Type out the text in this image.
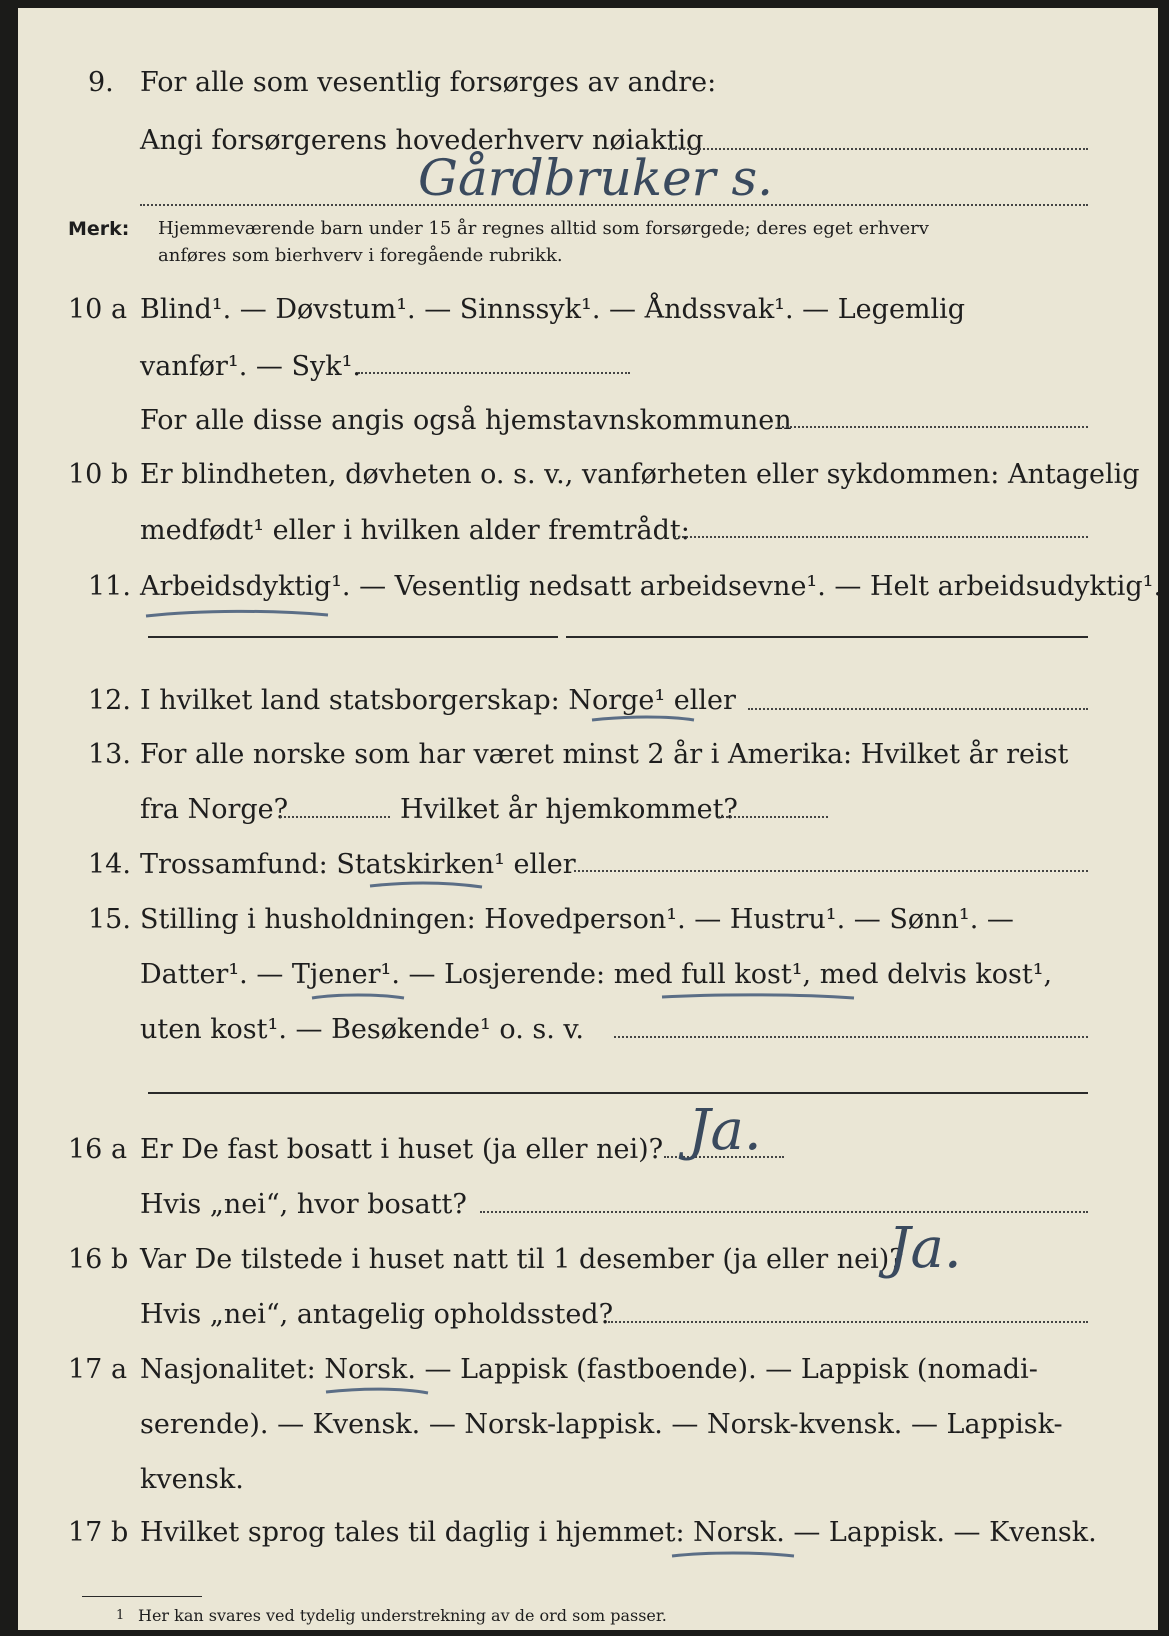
9. For alle som vesentlig forsørges av andre:
Angi forsørgerens hovederhverv nøiaktig
Gårdbruker s.
Merk: Hjemmeværende barn under 15 år regnes alltid som forsørgede; deres eget erhverv
anføres som bierhverv i foregående rubrikk.
10 a Blind¹. — Døvstum¹. — Sinnssyk¹. — Åndssvak¹. — Legemlig
vanfør¹. — Syk¹.
For alle disse angis også hjemstavnskommunen
10 b Er blindheten, døvheten o. s. v., vanførheten eller sykdommen: Antagelig
medfødt¹ eller i hvilken alder fremtrådt:
11. Arbeidsdyktig¹. — Vesentlig nedsatt arbeidsevne¹. — Helt arbeidsudyktig¹.
12. I hvilket land statsborgerskap: Norge¹ eller
13. For alle norske som har været minst 2 år i Amerika: Hvilket år reist
fra Norge?	Hvilket år hjemkommet?
14. Trossamfund: Statskirken¹ eller
15. Stilling i husholdningen: Hovedperson¹. — Hustru¹. — Sønn¹. —
Datter¹. — Tjener¹. — Losjerende: med full kost¹, med delvis kost¹,
uten kost¹. — Besøkende¹ o. s. v.
16 a Er De fast bosatt i huset (ja eller nei)? Ja.
Hvis „nei“, hvor bosatt?
16 b Var De tilstede i huset natt til 1 desember (ja eller nei)?
Ja.
Hvis „nei“, antagelig opholdssted?
17 a Nasjonalitet: Norsk. — Lappisk (fastboende). — Lappisk (nomadi-
serende). — Kvensk. — Norsk-lappisk. — Norsk-kvensk. — Lappisk-
kvensk.
17 b Hvilket sprog tales til daglig i hjemmet: Norsk. — Lappisk. — Kvensk.
1 Her kan svares ved tydelig understrekning av de ord som passer.
